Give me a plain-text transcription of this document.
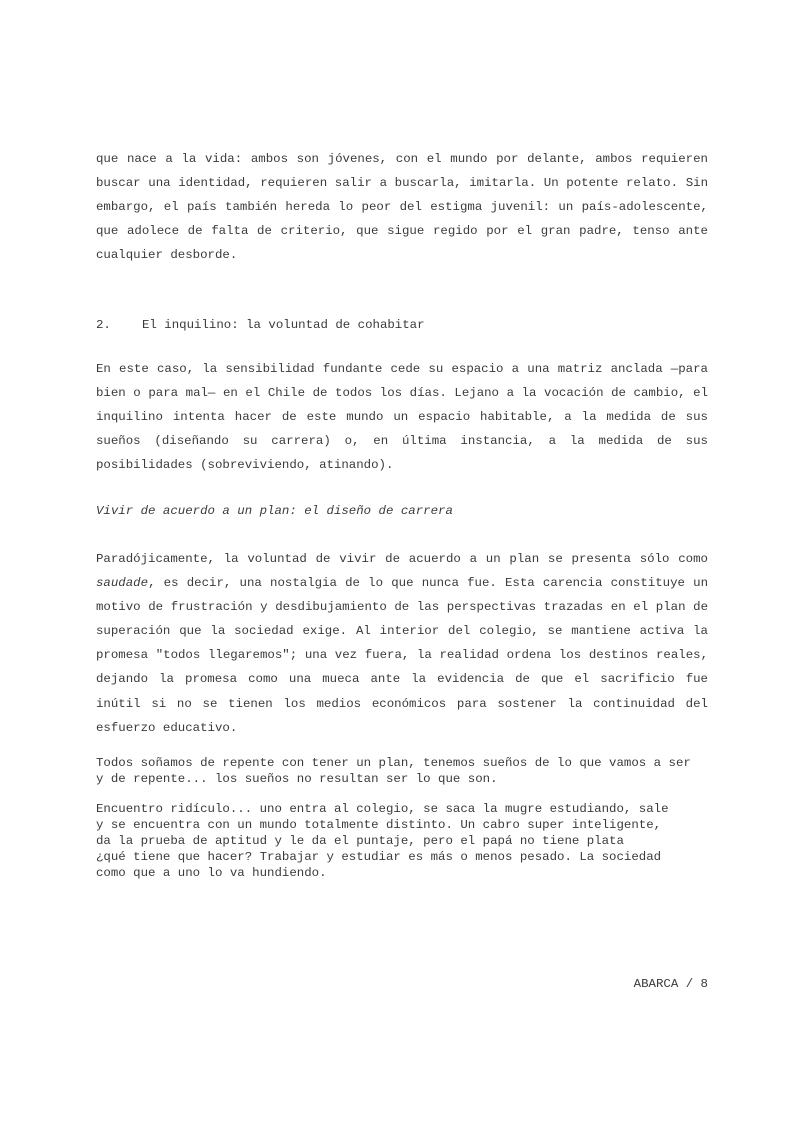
que nace a la vida: ambos son jóvenes, con el mundo por delante, ambos requieren buscar una identidad, requieren salir a buscarla, imitarla. Un potente relato. Sin embargo, el país también hereda lo peor del estigma juvenil: un país-adolescente, que adolece de falta de criterio, que sigue regido por el gran padre, tenso ante cualquier desborde.

2.	El inquilino: la voluntad de cohabitar

En este caso, la sensibilidad fundante cede su espacio a una matriz anclada —para bien o para mal— en el Chile de todos los días. Lejano a la vocación de cambio, el inquilino intenta hacer de este mundo un espacio habitable, a la medida de sus sueños (diseñando su carrera) o, en última instancia, a la medida de sus posibilidades (sobreviviendo, atinando).

Vivir de acuerdo a un plan: el diseño de carrera

Paradójicamente, la voluntad de vivir de acuerdo a un plan se presenta sólo como saudade, es decir, una nostalgia de lo que nunca fue. Esta carencia constituye un motivo de frustración y desdibujamiento de las perspectivas trazadas en el plan de superación que la sociedad exige. Al interior del colegio, se mantiene activa la promesa "todos llegaremos"; una vez fuera, la realidad ordena los destinos reales, dejando la promesa como una mueca ante la evidencia de que el sacrificio fue inútil si no se tienen los medios económicos para sostener la continuidad del esfuerzo educativo.

Todos soñamos de repente con tener un plan, tenemos sueños de lo que vamos a ser
y de repente... los sueños no resultan ser lo que son.

Encuentro ridículo... uno entra al colegio, se saca la mugre estudiando, sale
y se encuentra con un mundo totalmente distinto. Un cabro super inteligente,
da la prueba de aptitud y le da el puntaje, pero el papá no tiene plata
¿qué tiene que hacer? Trabajar y estudiar es más o menos pesado. La sociedad
como que a uno lo va hundiendo.

ABARCA / 8
